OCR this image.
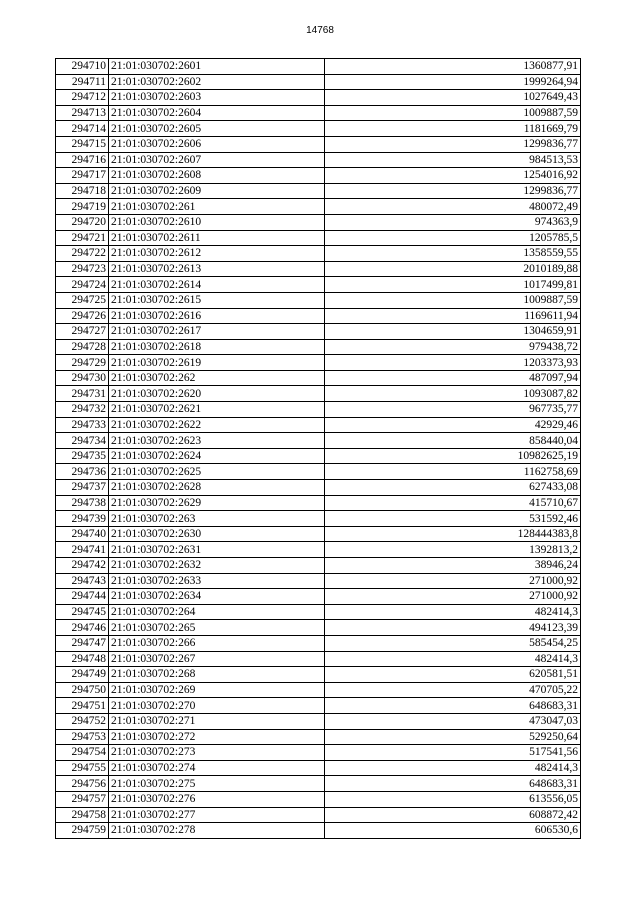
14768
294710	21:01:030702:2601	1360877,91
294711	21:01:030702:2602	1999264,94
294712	21:01:030702:2603	1027649,43
294713	21:01:030702:2604	1009887,59
294714	21:01:030702:2605	1181669,79
294715	21:01:030702:2606	1299836,77
294716	21:01:030702:2607	984513,53
294717	21:01:030702:2608	1254016,92
294718	21:01:030702:2609	1299836,77
294719	21:01:030702:261	480072,49
294720	21:01:030702:2610	974363,9
294721	21:01:030702:2611	1205785,5
294722	21:01:030702:2612	1358559,55
294723	21:01:030702:2613	2010189,88
294724	21:01:030702:2614	1017499,81
294725	21:01:030702:2615	1009887,59
294726	21:01:030702:2616	1169611,94
294727	21:01:030702:2617	1304659,91
294728	21:01:030702:2618	979438,72
294729	21:01:030702:2619	1203373,93
294730	21:01:030702:262	487097,94
294731	21:01:030702:2620	1093087,82
294732	21:01:030702:2621	967735,77
294733	21:01:030702:2622	42929,46
294734	21:01:030702:2623	858440,04
294735	21:01:030702:2624	10982625,19
294736	21:01:030702:2625	1162758,69
294737	21:01:030702:2628	627433,08
294738	21:01:030702:2629	415710,67
294739	21:01:030702:263	531592,46
294740	21:01:030702:2630	128444383,8
294741	21:01:030702:2631	1392813,2
294742	21:01:030702:2632	38946,24
294743	21:01:030702:2633	271000,92
294744	21:01:030702:2634	271000,92
294745	21:01:030702:264	482414,3
294746	21:01:030702:265	494123,39
294747	21:01:030702:266	585454,25
294748	21:01:030702:267	482414,3
294749	21:01:030702:268	620581,51
294750	21:01:030702:269	470705,22
294751	21:01:030702:270	648683,31
294752	21:01:030702:271	473047,03
294753	21:01:030702:272	529250,64
294754	21:01:030702:273	517541,56
294755	21:01:030702:274	482414,3
294756	21:01:030702:275	648683,31
294757	21:01:030702:276	613556,05
294758	21:01:030702:277	608872,42
294759	21:01:030702:278	606530,6
